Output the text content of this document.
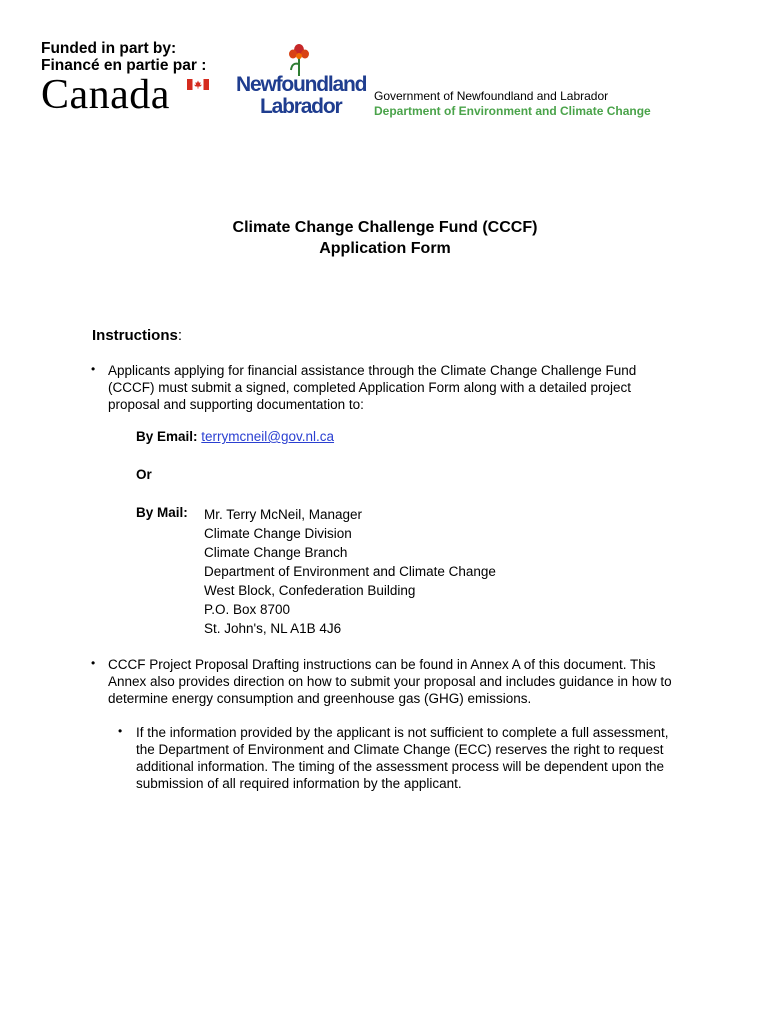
Funded in part by:
Financé en partie par :
Canada	Newfoundland
Labrador	Government of Newfoundland and Labrador
Department of Environment and Climate Change
Climate Change Challenge Fund (CCCF)
Application Form
Instructions:
• Applicants applying for financial assistance through the Climate Change Challenge Fund (CCCF) must submit a signed, completed Application Form along with a detailed project proposal and supporting documentation to:
By Email: terrymcneil@gov.nl.ca
Or
By Mail: Mr. Terry McNeil, Manager
Climate Change Division
Climate Change Branch
Department of Environment and Climate Change
West Block, Confederation Building
P.O. Box 8700
St. John's, NL A1B 4J6
• CCCF Project Proposal Drafting instructions can be found in Annex A of this document. This Annex also provides direction on how to submit your proposal and includes guidance in how to determine energy consumption and greenhouse gas (GHG) emissions.
• If the information provided by the applicant is not sufficient to complete a full assessment, the Department of Environment and Climate Change (ECC) reserves the right to request additional information. The timing of the assessment process will be dependent upon the submission of all required information by the applicant.
